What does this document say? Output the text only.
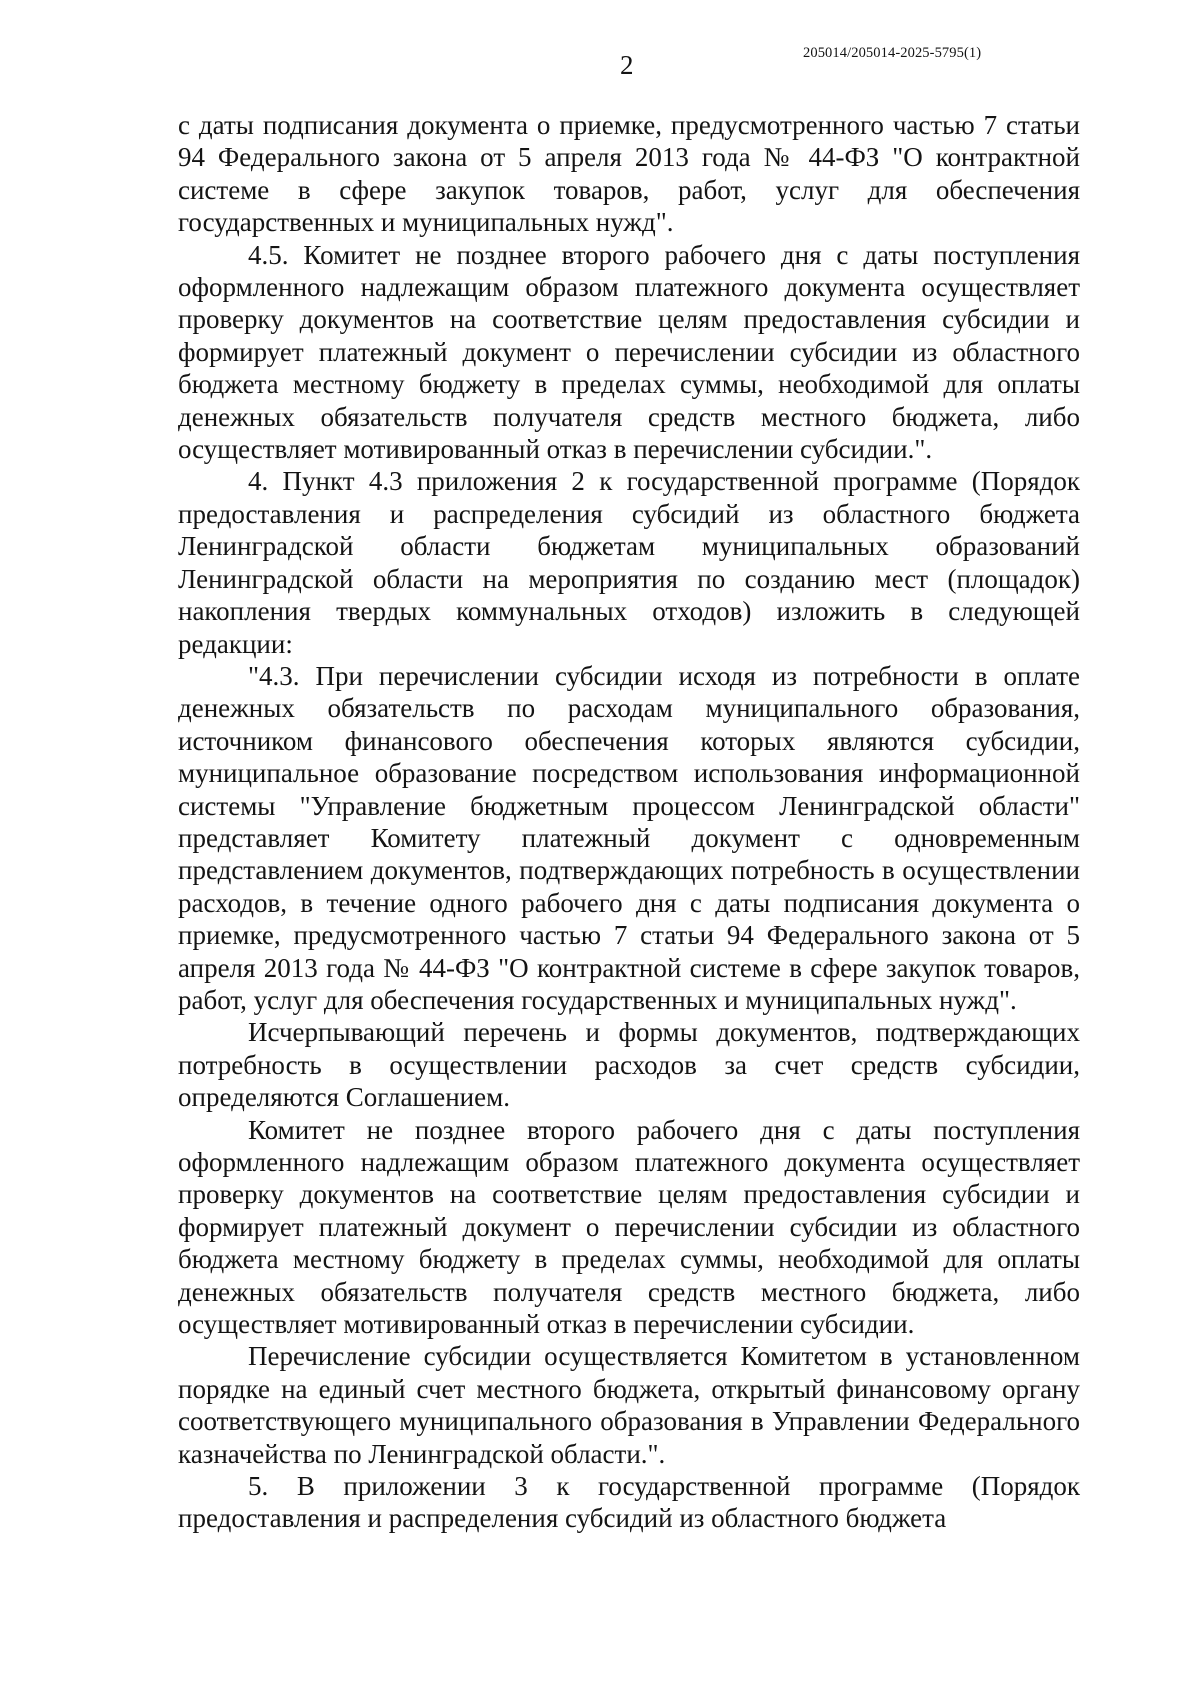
2	205014/205014-2025-5795(1)

с даты подписания документа о приемке, предусмотренного частью 7 статьи 94 Федерального закона от 5 апреля 2013 года № 44-ФЗ "О контрактной системе в сфере закупок товаров, работ, услуг для обеспечения государственных и муниципальных нужд".

4.5. Комитет не позднее второго рабочего дня с даты поступления оформленного надлежащим образом платежного документа осуществляет проверку документов на соответствие целям предоставления субсидии и формирует платежный документ о перечислении субсидии из областного бюджета местному бюджету в пределах суммы, необходимой для оплаты денежных обязательств получателя средств местного бюджета, либо осуществляет мотивированный отказ в перечислении субсидии.".

4. Пункт 4.3 приложения 2 к государственной программе (Порядок предоставления и распределения субсидий из областного бюджета Ленинградской области бюджетам муниципальных образований Ленинградской области на мероприятия по созданию мест (площадок) накопления твердых коммунальных отходов) изложить в следующей редакции:

"4.3. При перечислении субсидии исходя из потребности в оплате денежных обязательств по расходам муниципального образования, источником финансового обеспечения которых являются субсидии, муниципальное образование посредством использования информационной системы "Управление бюджетным процессом Ленинградской области" представляет Комитету платежный документ с одновременным представлением документов, подтверждающих потребность в осуществлении расходов, в течение одного рабочего дня с даты подписания документа о приемке, предусмотренного частью 7 статьи 94 Федерального закона от 5 апреля 2013 года № 44-ФЗ "О контрактной системе в сфере закупок товаров, работ, услуг для обеспечения государственных и муниципальных нужд".

Исчерпывающий перечень и формы документов, подтверждающих потребность в осуществлении расходов за счет средств субсидии, определяются Соглашением.

Комитет не позднее второго рабочего дня с даты поступления оформленного надлежащим образом платежного документа осуществляет проверку документов на соответствие целям предоставления субсидии и формирует платежный документ о перечислении субсидии из областного бюджета местному бюджету в пределах суммы, необходимой для оплаты денежных обязательств получателя средств местного бюджета, либо осуществляет мотивированный отказ в перечислении субсидии.

Перечисление субсидии осуществляется Комитетом в установленном порядке на единый счет местного бюджета, открытый финансовому органу соответствующего муниципального образования в Управлении Федерального казначейства по Ленинградской области.".

5. В приложении 3 к государственной программе (Порядок предоставления и распределения субсидий из областного бюджета
